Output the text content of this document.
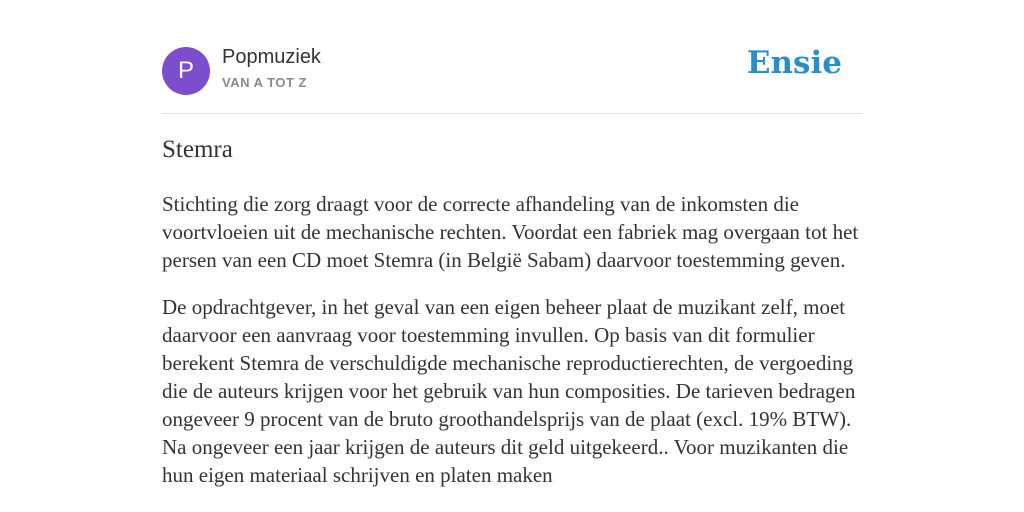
P	Popmuziek
VAN A TOT Z
Ensie
Stemra

Stichting die zorg draagt voor de correcte afhandeling van de inkomsten die voortvloeien uit de mechanische rechten. Voordat een fabriek mag overgaan tot het persen van een CD moet Stemra (in België Sabam) daarvoor toestemming geven.

De opdrachtgever, in het geval van een eigen beheer plaat de muzikant zelf, moet daarvoor een aanvraag voor toestemming invullen. Op basis van dit formulier berekent Stemra de verschuldigde mechanische reproductierechten, de vergoeding die de auteurs krijgen voor het gebruik van hun composities. De tarieven bedragen ongeveer 9 procent van de bruto groothandelsprijs van de plaat (excl. 19% BTW). Na ongeveer een jaar krijgen de auteurs dit geld uitgekeerd.. Voor muzikanten die hun eigen materiaal schrijven en platen maken
